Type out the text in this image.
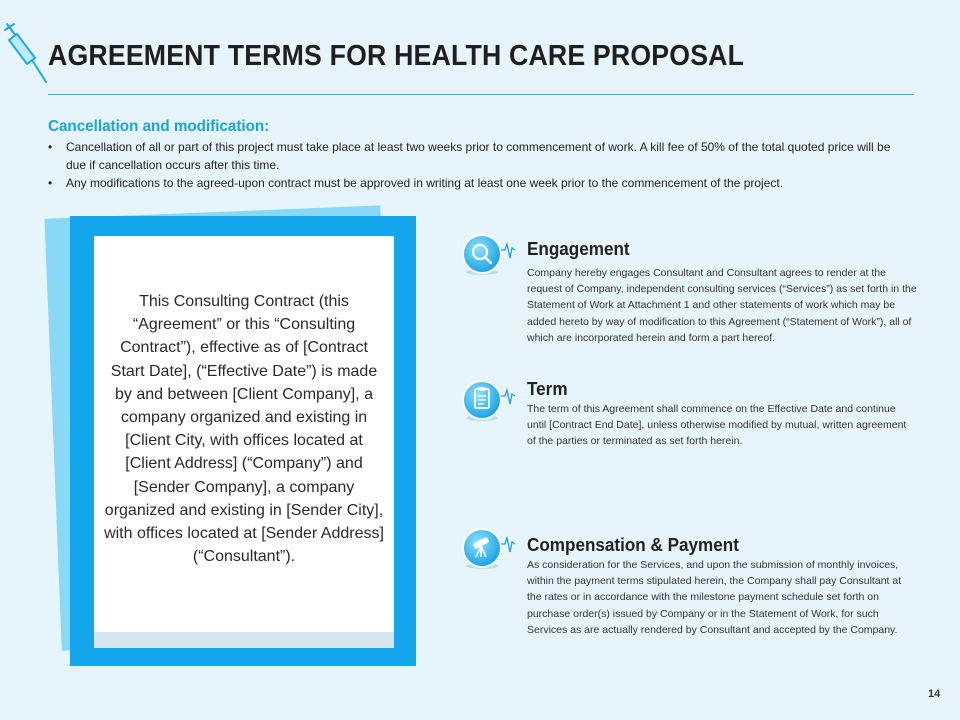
AGREEMENT TERMS FOR HEALTH CARE PROPOSAL
Cancellation and modification:
• Cancellation of all or part of this project must take place at least two weeks prior to commencement of work. A kill fee of 50% of the total quoted price will be due if cancellation occurs after this time.
• Any modifications to the agreed-upon contract must be approved in writing at least one week prior to the commencement of the project.
This Consulting Contract (this “Agreement” or this “Consulting Contract”), effective as of [Contract Start Date], (“Effective Date”) is made by and between [Client Company], a company organized and existing in [Client City, with offices located at [Client Address] (“Company”) and [Sender Company], a company organized and existing in [Sender City], with offices located at [Sender Address] (“Consultant”).
Engagement
Company hereby engages Consultant and Consultant agrees to render at the request of Company, independent consulting services (“Services”) as set forth in the Statement of Work at Attachment 1 and other statements of work which may be added hereto by way of modification to this Agreement (“Statement of Work”), all of which are incorporated herein and form a part hereof.
Term
The term of this Agreement shall commence on the Effective Date and continue until [Contract End Date], unless otherwise modified by mutual, written agreement of the parties or terminated as set forth herein.
Compensation & Payment
As consideration for the Services, and upon the submission of monthly invoices, within the payment terms stipulated herein, the Company shall pay Consultant at the rates or in accordance with the milestone payment schedule set forth on purchase order(s) issued by Company or in the Statement of Work, for such Services as are actually rendered by Consultant and accepted by the Company.
14
